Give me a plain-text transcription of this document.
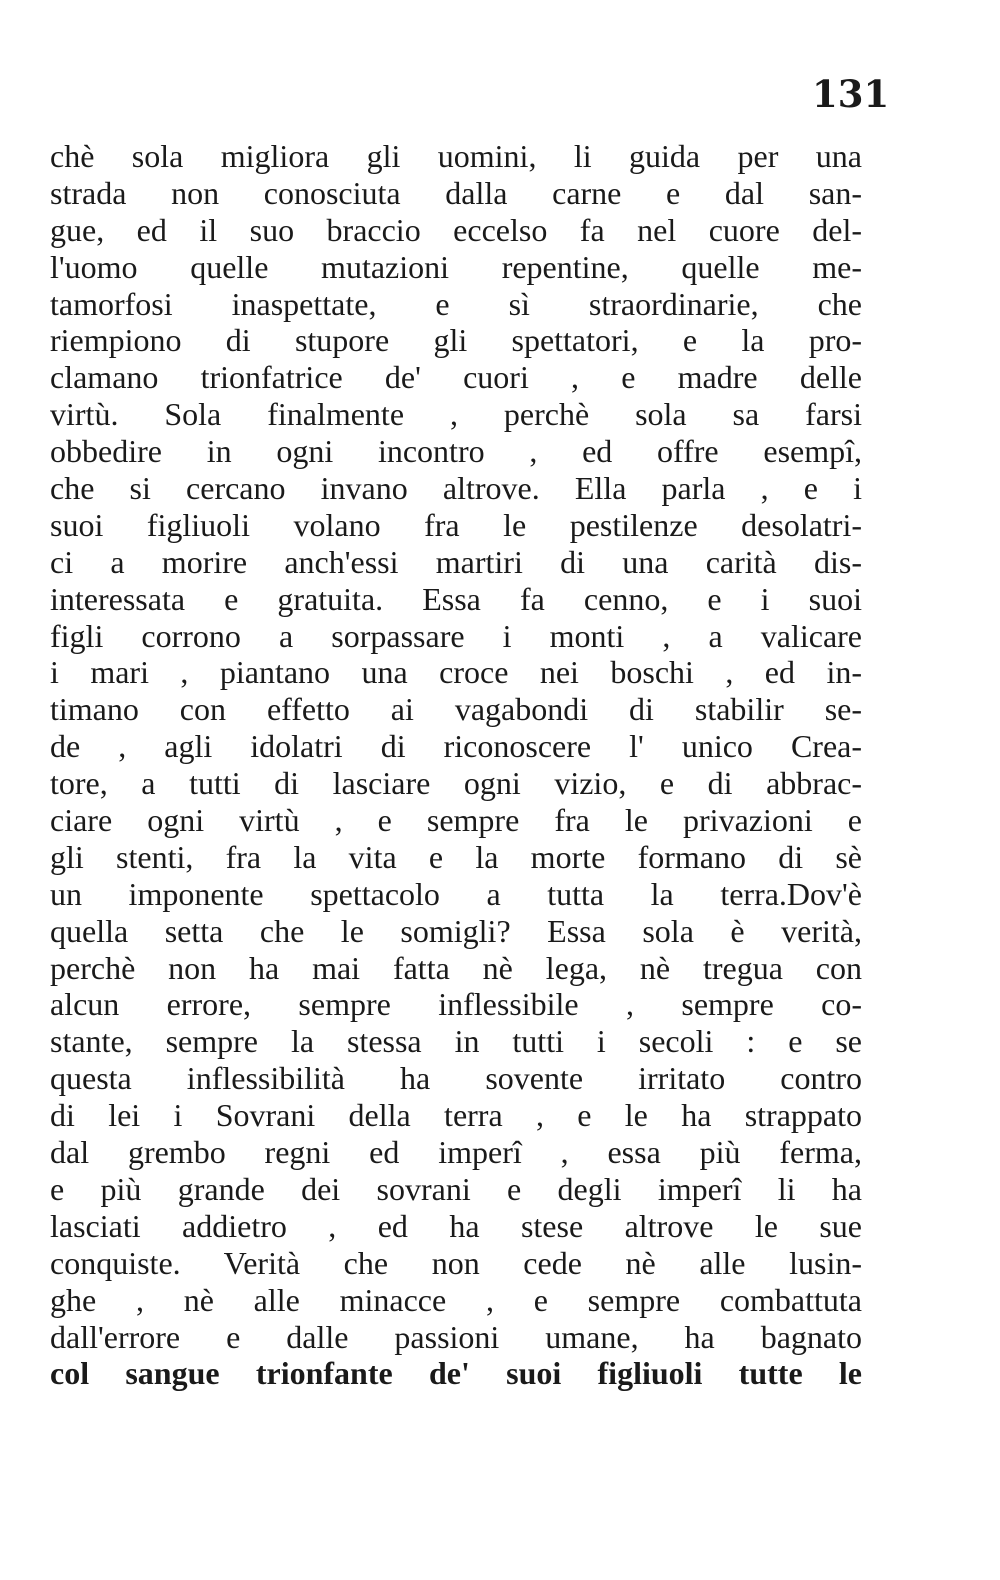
131
chè sola migliora gli uomini, li guida per una
strada non conosciuta dalla carne e dal san-
gue, ed il suo braccio eccelso fa nel cuore del-
l'uomo quelle mutazioni repentine, quelle me-
tamorfosi inaspettate, e sì straordinarie, che
riempiono di stupore gli spettatori, e la pro-
clamano trionfatrice de' cuori , e madre delle
virtù. Sola finalmente , perchè sola sa farsi
obbedire in ogni incontro , ed offre esempî,
che si cercano invano altrove. Ella parla , e i
suoi figliuoli volano fra le pestilenze desolatri-
ci a morire anch'essi martiri di una carità dis-
interessata e gratuita. Essa fa cenno, e i suoi
figli corrono a sorpassare i monti , a valicare
i mari , piantano una croce nei boschi , ed in-
timano con effetto ai vagabondi di stabilir se-
de , agli idolatri di riconoscere l' unico Crea-
tore, a tutti di lasciare ogni vizio, e di abbrac-
ciare ogni virtù , e sempre fra le privazioni e
gli stenti, fra la vita e la morte formano di sè
un imponente spettacolo a tutta la terra.Dov'è
quella setta che le somigli? Essa sola è verità,
perchè non ha mai fatta nè lega, nè tregua con
alcun errore, sempre inflessibile , sempre co-
stante, sempre la stessa in tutti i secoli : e se
questa inflessibilità ha sovente irritato contro
di lei i Sovrani della terra , e le ha strappato
dal grembo regni ed imperî , essa più ferma,
e più grande dei sovrani e degli imperî li ha
lasciati addietro , ed ha stese altrove le sue
conquiste. Verità che non cede nè alle lusin-
ghe , nè alle minacce , e sempre combattuta
dall'errore e dalle passioni umane, ha bagnato
col sangue trionfante de' suoi figliuoli tutte le
